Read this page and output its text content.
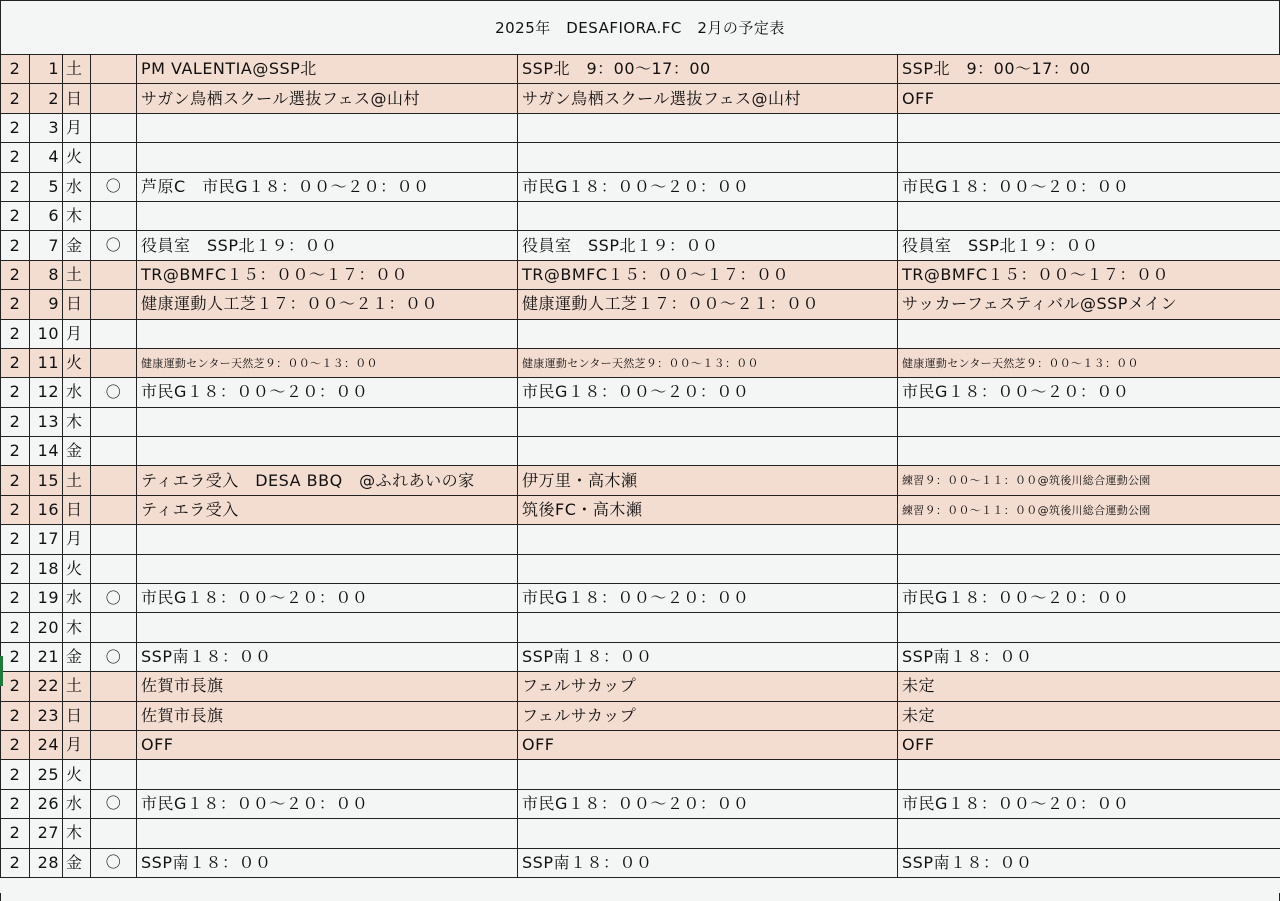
2025年　DESAFIORA.FC　2月の予定表
2	1	土		PM VALENTIA@SSP北	SSP北　9：00～17：00	SSP北　9：00～17：00
2	2	日		サガン鳥栖スクール選抜フェス@山村	サガン鳥栖スクール選抜フェス@山村	OFF
2	3	月				
2	4	火				
2	5	水	〇	芦原C　市民G１８：００～２０：００	市民G１８：００～２０：００	市民G１８：００～２０：００
2	6	木				
2	7	金	〇	役員室　SSP北１９：００	役員室　SSP北１９：００	役員室　SSP北１９：００
2	8	土		TR@BMFC１５：００～１７：００	TR@BMFC１５：００～１７：００	TR@BMFC１５：００～１７：００
2	9	日		健康運動人工芝１７：００～２１：００	健康運動人工芝１７：００～２１：００	サッカーフェスティバル@SSPメイン
2	10	月				
2	11	火		健康運動センター天然芝９：００～１３：００	健康運動センター天然芝９：００～１３：００	健康運動センター天然芝９：００～１３：００
2	12	水	〇	市民G１８：００～２０：００	市民G１８：００～２０：００	市民G１８：００～２０：００
2	13	木				
2	14	金				
2	15	土		ティエラ受入　DESA BBQ　@ふれあいの家	伊万里・高木瀬	練習９：００～１１：００@筑後川総合運動公園
2	16	日		ティエラ受入	筑後FC・高木瀬	練習９：００～１１：００@筑後川総合運動公園
2	17	月				
2	18	火				
2	19	水	〇	市民G１８：００～２０：００	市民G１８：００～２０：００	市民G１８：００～２０：００
2	20	木				
2	21	金	〇	SSP南１８：００	SSP南１８：００	SSP南１８：００
2	22	土		佐賀市長旗	フェルサカップ	未定
2	23	日		佐賀市長旗	フェルサカップ	未定
2	24	月		OFF	OFF	OFF
2	25	火				
2	26	水	〇	市民G１８：００～２０：００	市民G１８：００～２０：００	市民G１８：００～２０：００
2	27	木				
2	28	金	〇	SSP南１８：００	SSP南１８：００	SSP南１８：００
